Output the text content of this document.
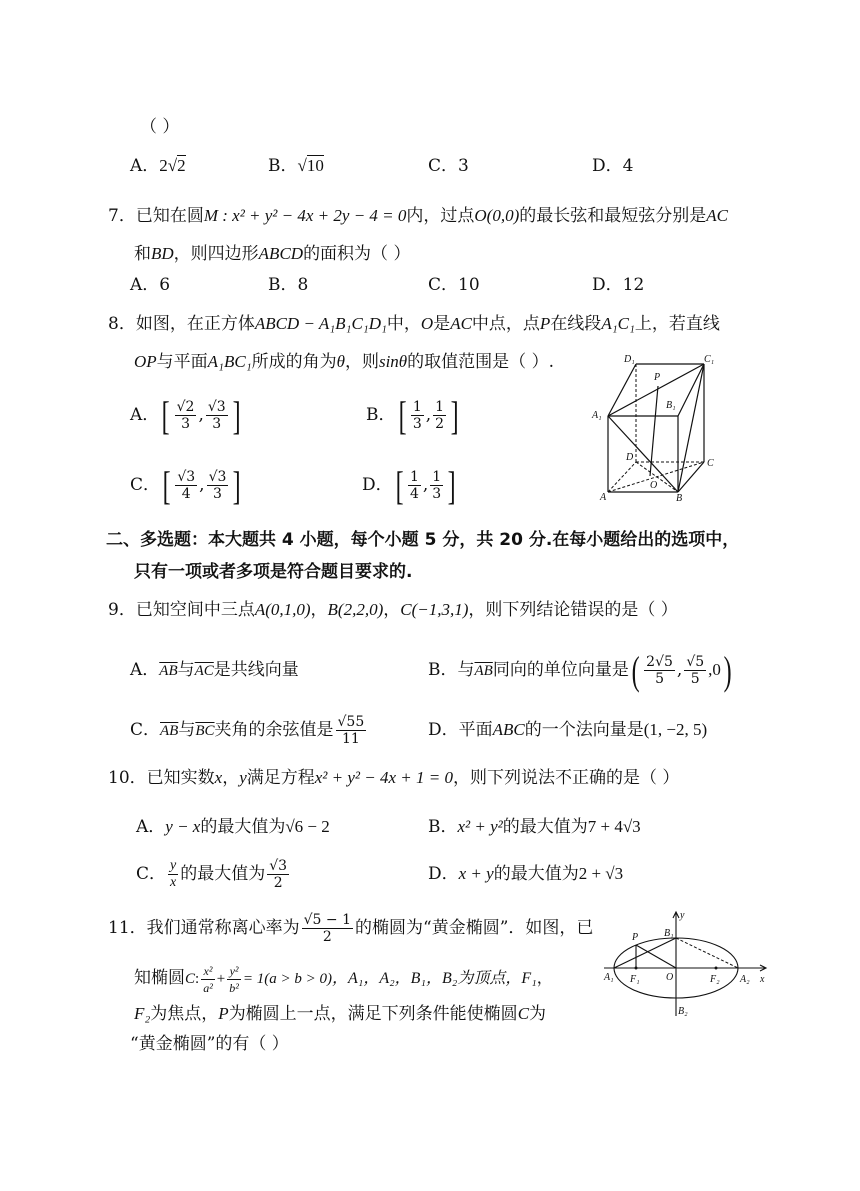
（ ）
A．2√2	B．√10	C．3	D．4
7．已知在圆M : x² + y² − 4x + 2y − 4 = 0内，过点O(0,0)的最长弦和最短弦分别是AC
和BD，则四边形ABCD的面积为（ ）
A．6	B．8	C．10	D．12
8．如图，在正方体ABCD − A₁B₁C₁D₁中，O是AC中点，点P在线段A₁C₁上，若直线
OP与平面A₁BC₁所成的角为θ，则sinθ的取值范围是（ ）.
A．[ $\frac{√2}{3}$ , $\frac{√3}{3}$ ]	B．[ $\frac{1}{3}$ , $\frac{1}{2}$ ]
C．[ $\frac{√3}{4}$ , $\frac{√3}{3}$ ]	D．[ $\frac{1}{4}$ , $\frac{1}{3}$ ]
D₁
P
C₁
A₁
B₁
D
C
O
A	B
二、多选题：本大题共 4 小题，每个小题 5 分，共 20 分.在每小题给出的选项中，
只有一项或者多项是符合题目要求的.
9．已知空间中三点A(0,1,0)，B(2,2,0)，C(−1,3,1)，则下列结论错误的是（ ）
A．$\overline{AB}$与$\overline{AC}$是共线向量	B．与$\overline{AB}$同向的单位向量是( $\frac{2√5}{5}$ , $\frac{√5}{5} ,0$)
C．$\overline{AB}$与$\overline{BC}$夹角的余弦值是 $\frac{√55}{11}$	D．平面ABC的一个法向量是(1, −2, 5)
10．已知实数x，y满足方程x² + y² − 4x + 1 = 0，则下列说法不正确的是（ ）
A．y − x的最大值为√6 − 2	B．x² + y²的最大值为7 + 4√3
C． $\frac{y}{x}$ 的最大值为 $\frac{√3}{2}$	D．x + y的最大值为2 + √3
11．我们通常称离心率为 $\frac{√5 - 1}{2}$ 的椭圆为“黄金椭圆”．如图，已
知椭圆C: $\frac{\text{x²}}{\text{a²}} + \frac{\text{y²}}{\text{b²}} = 1(a > b > 0)$，A₁，A₂，B₁，B₂为顶点，F₁，
F₂为焦点，P为椭圆上一点，满足下列条件能使椭圆C为
“黄金椭圆”的有（ ）
y
P	B₁
A₁ F₁	O	F₂ A₂ x
B₂
